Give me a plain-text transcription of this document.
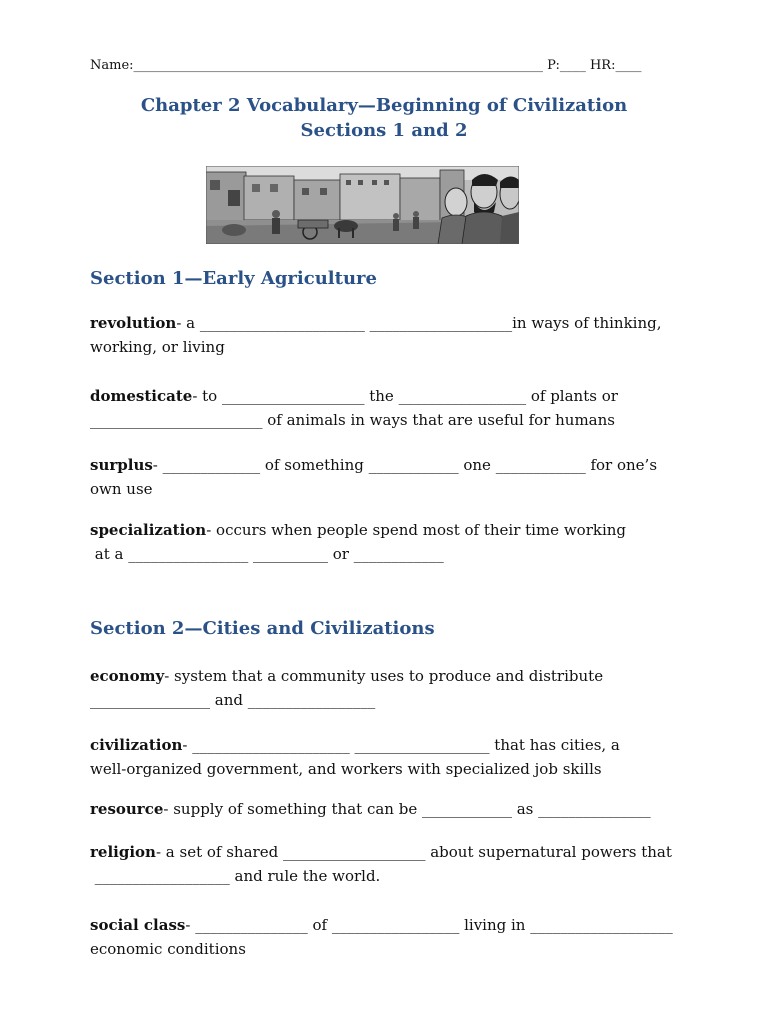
Name:_______________________________________________________________ P:____ HR:____
Chapter 2 Vocabulary—Beginning of Civilization
Sections 1 and 2
Section 1—Early Agriculture
revolution- a ______________________ ___________________in ways of thinking,
working, or living
domesticate- to ___________________ the _________________ of plants or
_______________________ of animals in ways that are useful for humans
surplus- _____________ of something ____________ one ____________ for one’s
own use
specialization- occurs when people spend most of their time working
at a ________________ __________ or ____________
Section 2—Cities and Civilizations
economy- system that a community uses to produce and distribute
________________ and _________________
civilization- _____________________ __________________ that has cities, a
well-organized government, and workers with specialized job skills
resource- supply of something that can be ____________ as _______________
religion- a set of shared ___________________ about supernatural powers that
__________________ and rule the world.
social class- _______________ of _________________ living in ___________________
economic conditions
